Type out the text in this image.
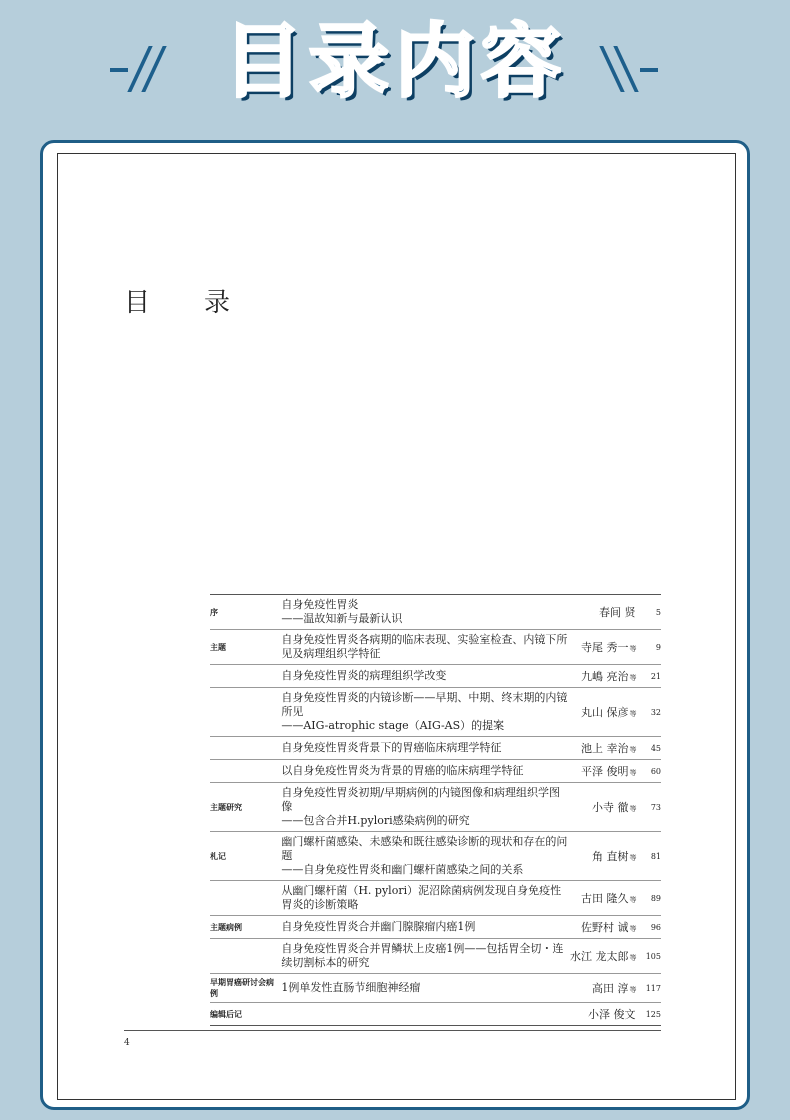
目录内容
目　录
序	自身免疫性胃炎
——温故知新与最新认识	春间 贤	5
主题	自身免疫性胃炎各病期的临床表现、实验室检查、内镜下所见及病理组织学特征	寺尾 秀一等	9

	自身免疫性胃炎的病理组织学改变	九嶋 亮治等	21

	自身免疫性胃炎的内镜诊断——早期、中期、终末期的内镜所见
——AIG-atrophic stage（AIG-AS）的提案	丸山 保彦等	32

	自身免疫性胃炎背景下的胃癌临床病理学特征	池上 幸治等	45

	以自身免疫性胃炎为背景的胃癌的临床病理学特征	平泽 俊明等	60
主题研究	自身免疫性胃炎初期/早期病例的内镜图像和病理组织学图像
——包含合并H.pylori感染病例的研究	小寺 徹等	73
札记	幽门螺杆菌感染、未感染和既往感染诊断的现状和存在的问题
——自身免疫性胃炎和幽门螺杆菌感染之间的关系	角 直树等	81

	从幽门螺杆菌（H. pylori）泥沼除菌病例发现自身免疫性胃炎的诊断策略	古田 隆久等	89
主题病例	自身免疫性胃炎合并幽门腺腺瘤内癌1例	佐野村 诚等	96

	自身免疫性胃炎合并胃鳞状上皮癌1例——包括胃全切・连续切割标本的研究	水江 龙太郎等	105
早期胃癌研讨会病例	1例单发性直肠节细胞神经瘤	高田 淳等	117
编辑后记		小泽 俊文	125
4
